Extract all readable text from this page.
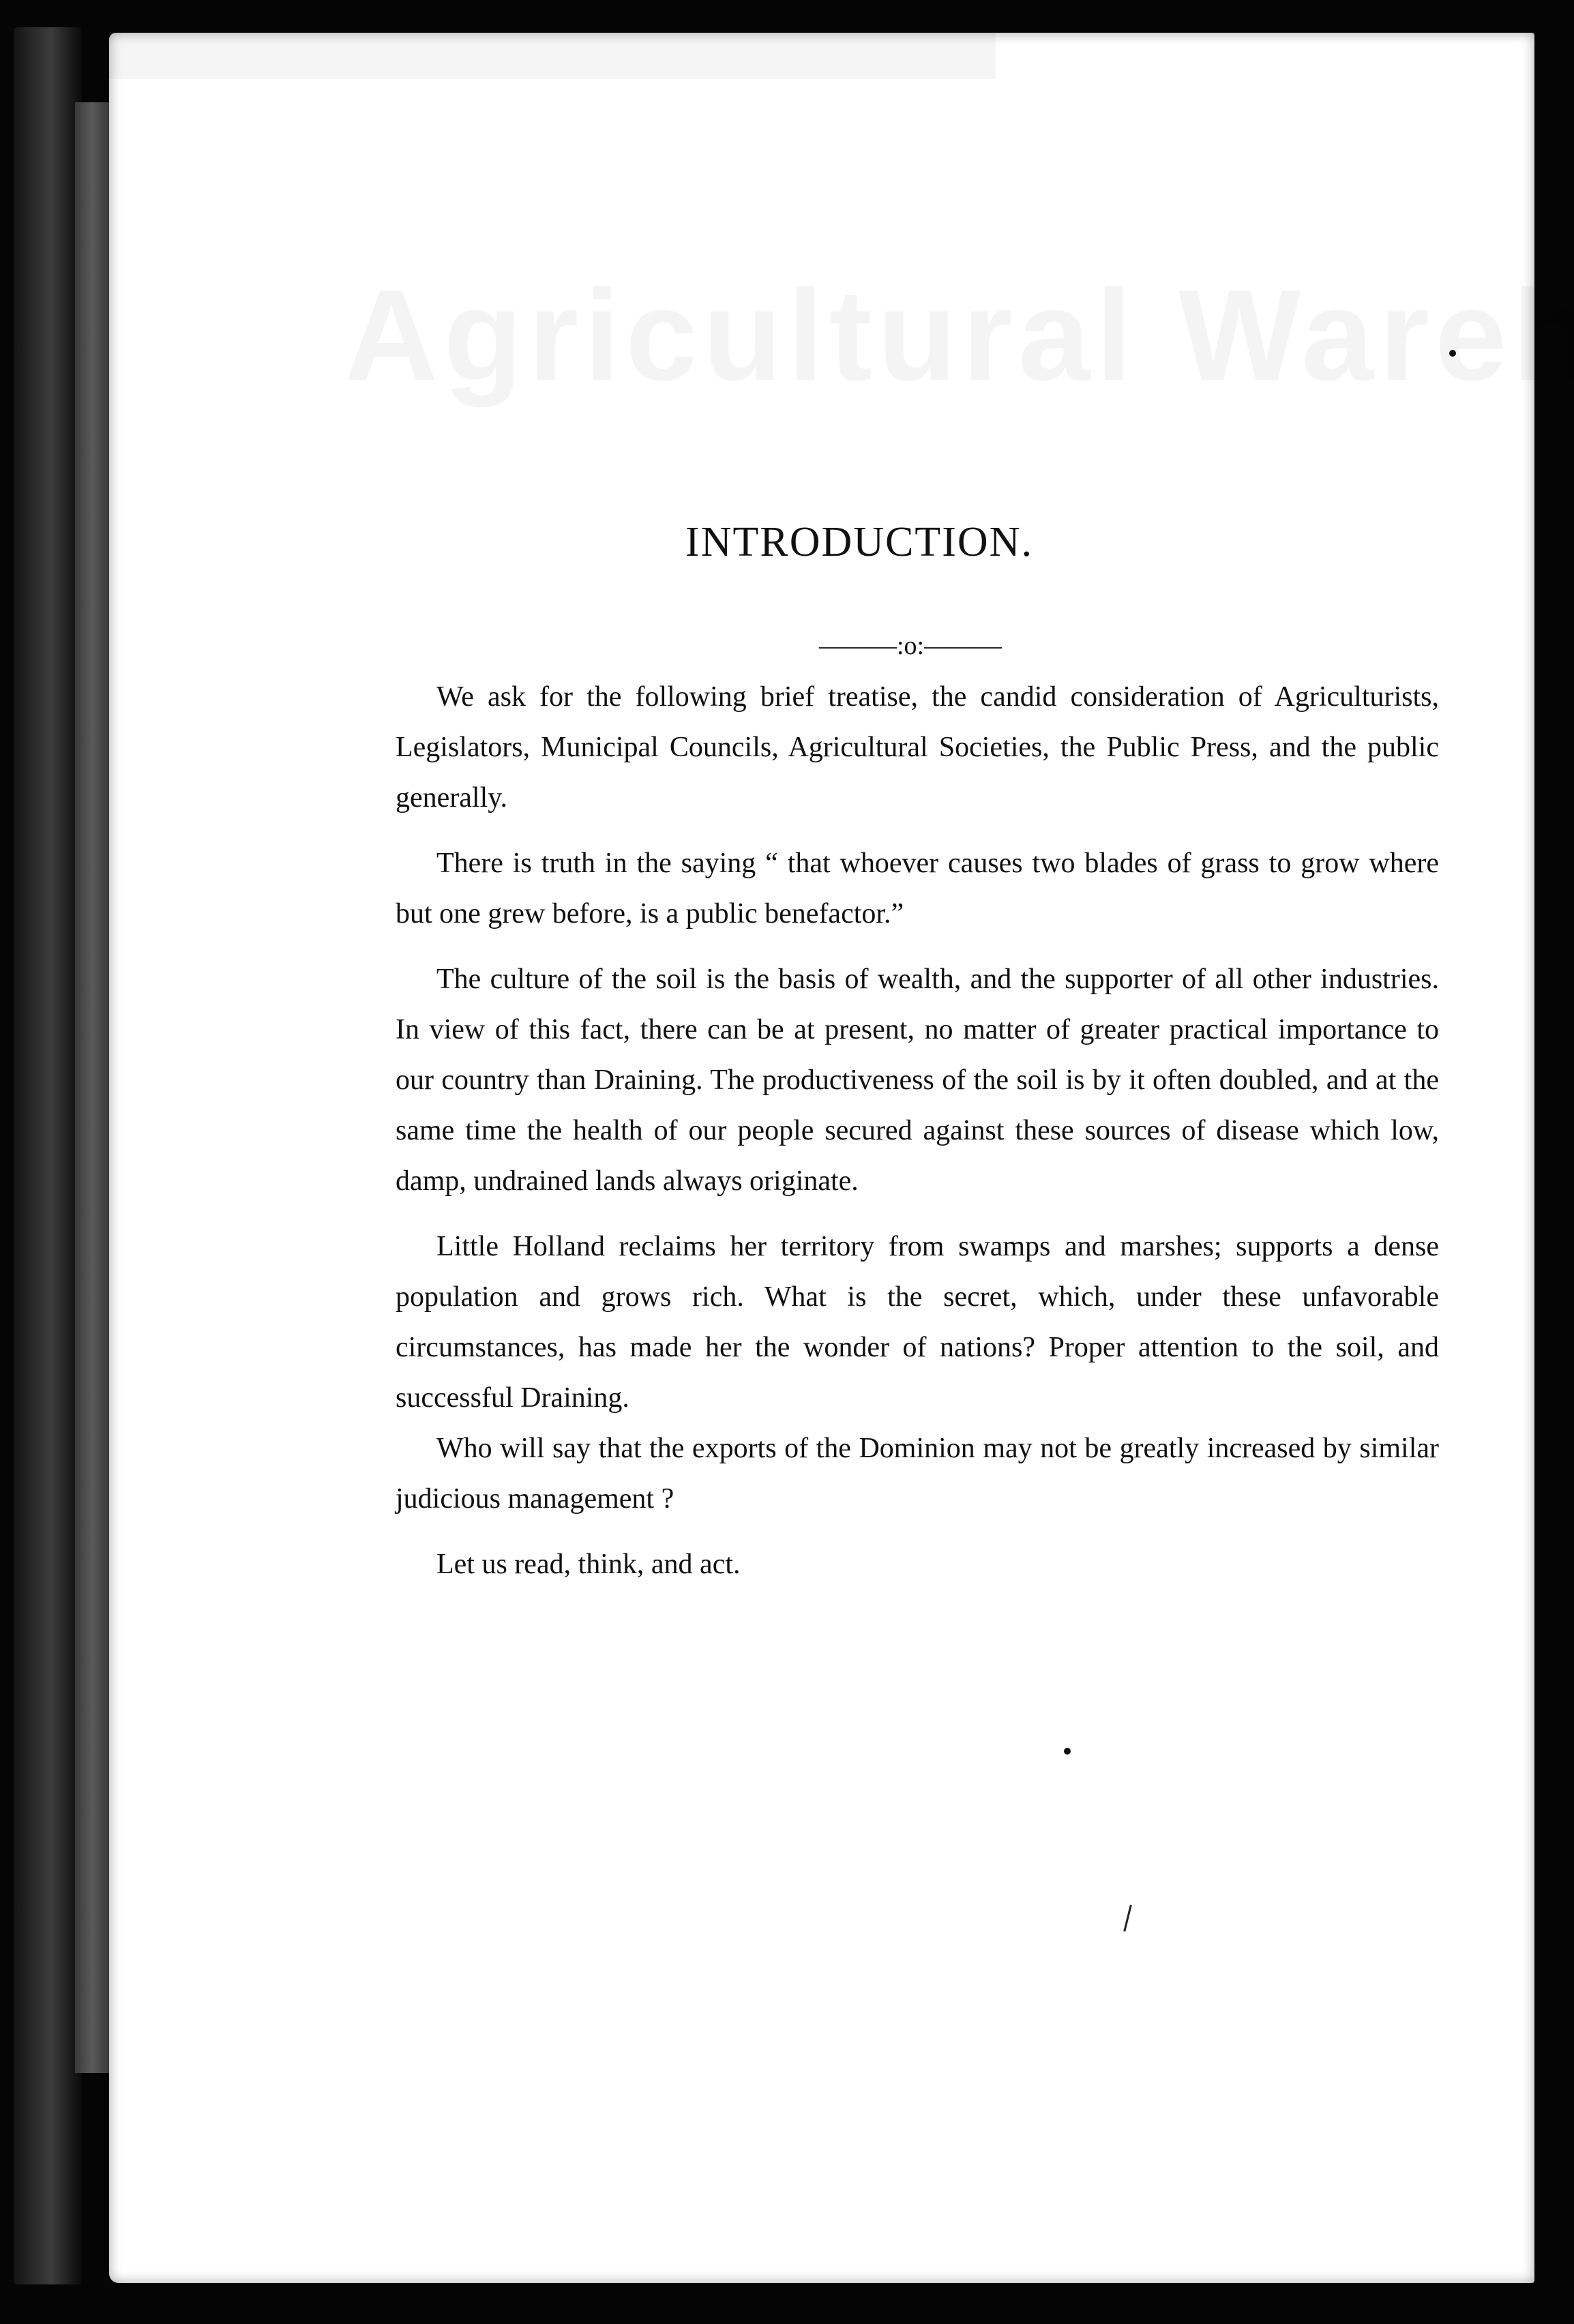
INTRODUCTION.
———:o:———

We ask for the following brief treatise, the candid consideration of Agriculturists, Legislators, Municipal Councils, Agricultural Societies, the Public Press, and the public generally.

There is truth in the saying “ that whoever causes two blades of grass to grow where but one grew before, is a public benefactor.”

The culture of the soil is the basis of wealth, and the supporter of all other industries. In view of this fact, there can be at present, no matter of greater practical importance to our country than Draining. The productiveness of the soil is by it often doubled, and at the same time the health of our people secured against these sources of disease which low, damp, undrained lands always originate.

Little Holland reclaims her territory from swamps and marshes; supports a dense population and grows rich. What is the secret, which, under these unfavorable circumstances, has made her the wonder of nations? Proper attention to the soil, and successful Draining.

Who will say that the exports of the Dominion may not be greatly increased by similar judicious management ?

Let us read, think, and act.
